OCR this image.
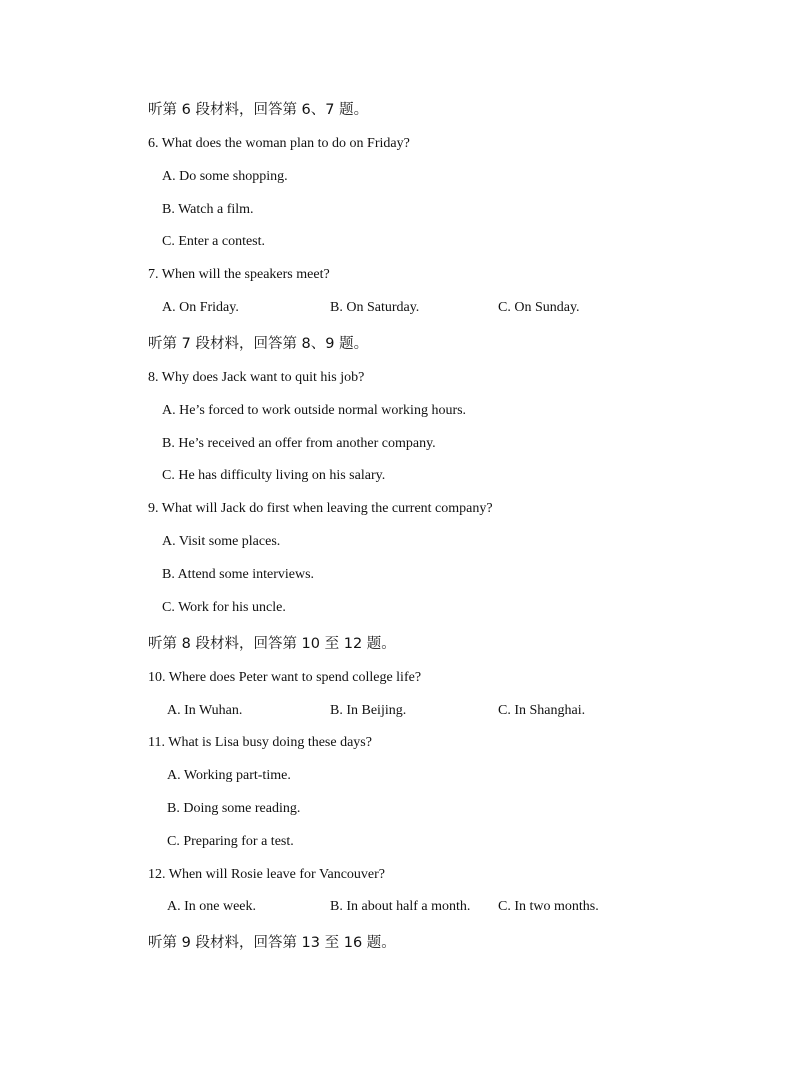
听第 6 段材料，回答第 6、7 题。
6. What does the woman plan to do on Friday?
A. Do some shopping.
B. Watch a film.
C. Enter a contest.
7. When will the speakers meet?
A. On Friday.	B. On Saturday.	C. On Sunday.
听第 7 段材料，回答第 8、9 题。
8. Why does Jack want to quit his job?
A. He’s forced to work outside normal working hours.
B. He’s received an offer from another company.
C. He has difficulty living on his salary.
9. What will Jack do first when leaving the current company?
A. Visit some places.
B. Attend some interviews.
C. Work for his uncle.
听第 8 段材料，回答第 10 至 12 题。
10. Where does Peter want to spend college life?
A. In Wuhan.	B. In Beijing.	C. In Shanghai.
11. What is Lisa busy doing these days?
A. Working part-time.
B. Doing some reading.
C. Preparing for a test.
12. When will Rosie leave for Vancouver?
A. In one week.	B. In about half a month. C. In two months.
听第 9 段材料，回答第 13 至 16 题。
